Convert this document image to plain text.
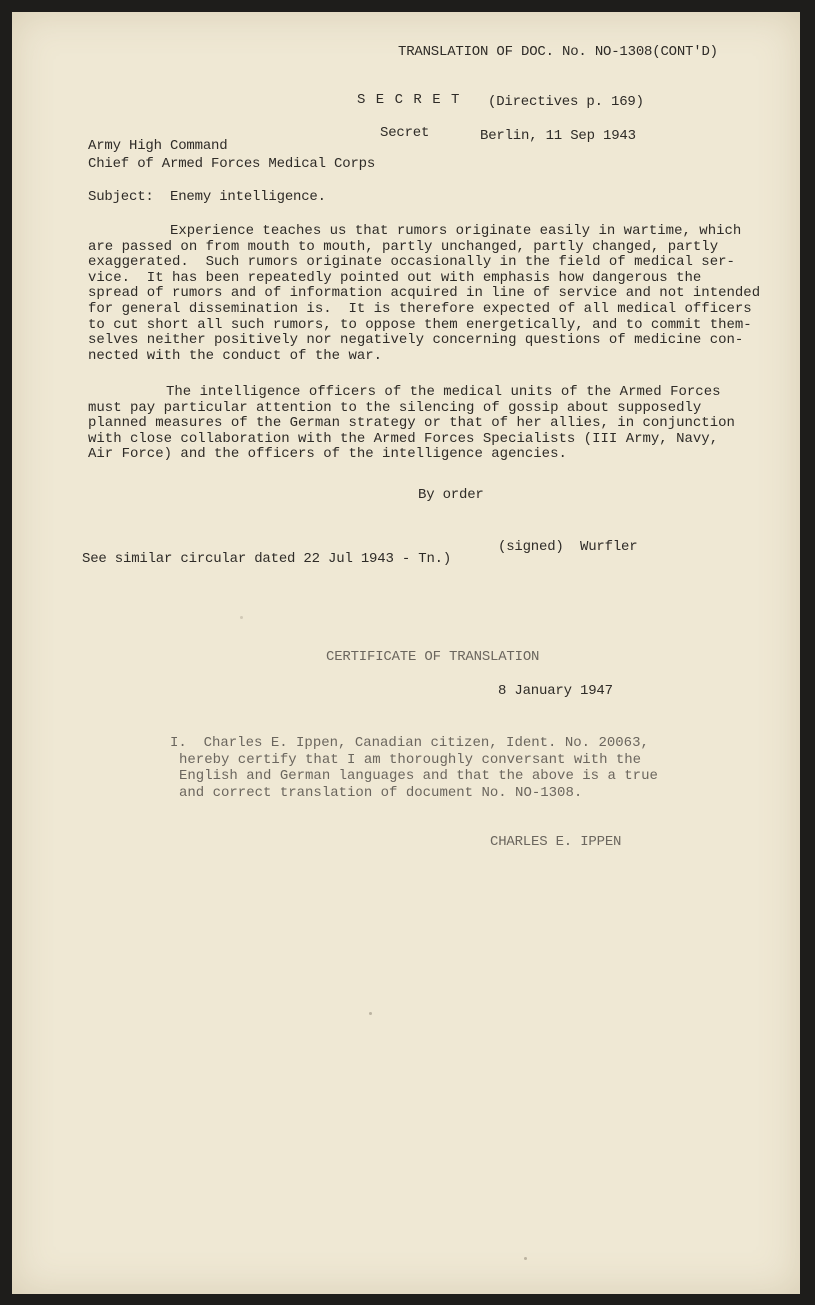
TRANSLATION OF DOC. No. NO-1308(CONT'D)
S E C R E T (Directives p. 169)
Secret	Berlin, 11 Sep 1943
Army High Command
Chief of Armed Forces Medical Corps
Subject:  Enemy intelligence.
Experience teaches us that rumors originate easily in wartime, which
are passed on from mouth to mouth, partly unchanged, partly changed, partly
exaggerated.  Such rumors originate occasionally in the field of medical ser-
vice.  It has been repeatedly pointed out with emphasis how dangerous the
spread of rumors and of information acquired in line of service and not intended
for general dissemination is.  It is therefore expected of all medical officers
to cut short all such rumors, to oppose them energetically, and to commit them-
selves neither positively nor negatively concerning questions of medicine con-
nected with the conduct of the war.
The intelligence officers of the medical units of the Armed Forces
must pay particular attention to the silencing of gossip about supposedly
planned measures of the German strategy or that of her allies, in conjunction
with close collaboration with the Armed Forces Specialists (III Army, Navy,
Air Force) and the officers of the intelligence agencies.
By order
(signed)  Wurfler
See similar circular dated 22 Jul 1943 - Tn.)
CERTIFICATE OF TRANSLATION
8 January 1947
I.  Charles E. Ippen, Canadian citizen, Ident. No. 20063,
hereby certify that I am thoroughly conversant with the
English and German languages and that the above is a true
and correct translation of document No. NO-1308.
CHARLES E. IPPEN
